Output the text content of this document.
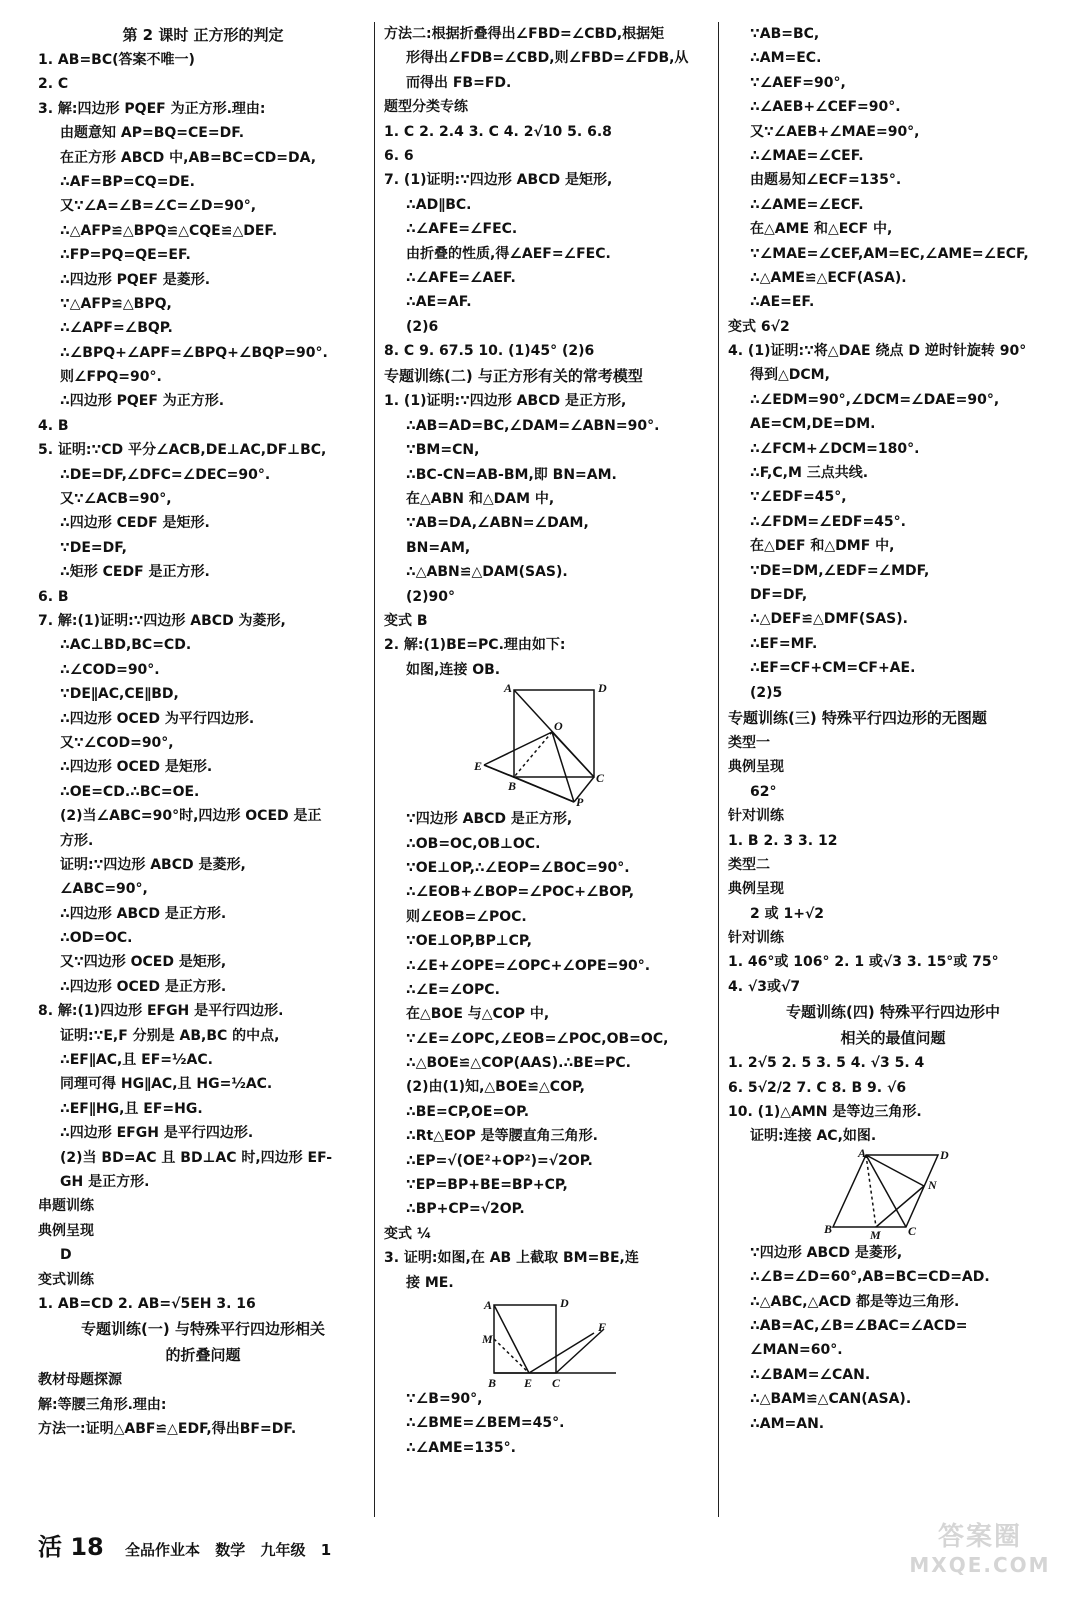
第 2 课时 正方形的判定
1. AB=BC(答案不唯一)
2. C
3. 解:四边形 PQEF 为正方形.理由:
由题意知 AP=BQ=CE=DF.
在正方形 ABCD 中,AB=BC=CD=DA,
∴AF=BP=CQ=DE.
又∵∠A=∠B=∠C=∠D=90°,
∴△AFP≌△BPQ≌△CQE≌△DEF.
∴FP=PQ=QE=EF.
∴四边形 PQEF 是菱形.
∵△AFP≌△BPQ,
∴∠APF=∠BQP.
∴∠BPQ+∠APF=∠BPQ+∠BQP=90°.
则∠FPQ=90°.
∴四边形 PQEF 为正方形.
4. B
5. 证明:∵CD 平分∠ACB,DE⊥AC,DF⊥BC,
∴DE=DF,∠DFC=∠DEC=90°.
又∵∠ACB=90°,
∴四边形 CEDF 是矩形.
∵DE=DF,
∴矩形 CEDF 是正方形.
6. B
7. 解:(1)证明:∵四边形 ABCD 为菱形,
∴AC⊥BD,BC=CD.
∴∠COD=90°.
∵DE∥AC,CE∥BD,
∴四边形 OCED 为平行四边形.
又∵∠COD=90°,
∴四边形 OCED 是矩形.
∴OE=CD.∴BC=OE.
(2)当∠ABC=90°时,四边形 OCED 是正
方形.
证明:∵四边形 ABCD 是菱形,
∠ABC=90°,
∴四边形 ABCD 是正方形.
∴OD=OC.
又∵四边形 OCED 是矩形,
∴四边形 OCED 是正方形.
8. 解:(1)四边形 EFGH 是平行四边形.
证明:∵E,F 分别是 AB,BC 的中点,
∴EF∥AC,且 EF=½AC.
同理可得 HG∥AC,且 HG=½AC.
∴EF∥HG,且 EF=HG.
∴四边形 EFGH 是平行四边形.
(2)当 BD=AC 且 BD⊥AC 时,四边形 EF-
GH 是正方形.
串题训练
典例呈现
D
变式训练
1. AB=CD 2. AB=√5EH 3. 16
专题训练(一) 与特殊平行四边形相关
的折叠问题
教材母题探源
解:等腰三角形.理由:
方法一:证明△ABF≌△EDF,得出BF=DF.
方法二:根据折叠得出∠FBD=∠CBD,根据矩
形得出∠FDB=∠CBD,则∠FBD=∠FDB,从
而得出 FB=FD.
题型分类专练
1. C 2. 2.4 3. C 4. 2√10 5. 6.8
6. 6
7. (1)证明:∵四边形 ABCD 是矩形,
∴AD∥BC.
∴∠AFE=∠FEC.
由折叠的性质,得∠AEF=∠FEC.
∴∠AFE=∠AEF.
∴AE=AF.
(2)6
8. C 9. 67.5 10. (1)45° (2)6
专题训练(二) 与正方形有关的常考模型
1. (1)证明:∵四边形 ABCD 是正方形,
∴AB=AD=BC,∠DAM=∠ABN=90°.
∵BM=CN,
∴BC-CN=AB-BM,即 BN=AM.
在△ABN 和△DAM 中,
∵AB=DA,∠ABN=∠DAM,
BN=AM,
∴△ABN≌△DAM(SAS).
(2)90°
变式 B
2. 解:(1)BE=PC.理由如下:
如图,连接 OB.
A	D
O
E
B
C
P
∵四边形 ABCD 是正方形,
∴OB=OC,OB⊥OC.
∵OE⊥OP,∴∠EOP=∠BOC=90°.
∴∠EOB+∠BOP=∠POC+∠BOP,
则∠EOB=∠POC.
∵OE⊥OP,BP⊥CP,
∴∠E+∠OPE=∠OPC+∠OPE=90°.
∴∠E=∠OPC.
在△BOE 与△COP 中,
∵∠E=∠OPC,∠EOB=∠POC,OB=OC,
∴△BOE≌△COP(AAS).∴BE=PC.
(2)由(1)知,△BOE≌△COP,
∴BE=CP,OE=OP.
∴Rt△EOP 是等腰直角三角形.
∴EP=√(OE²+OP²)=√2OP.
∵EP=BP+BE=BP+CP,
∴BP+CP=√2OP.
变式 ¼
3. 证明:如图,在 AB 上截取 BM=BE,连
接 ME.
A	D
M
F
B E C
∵∠B=90°,
∴∠BME=∠BEM=45°.
∴∠AME=135°.
∵AB=BC,
∴AM=EC.
∵∠AEF=90°,
∴∠AEB+∠CEF=90°.
又∵∠AEB+∠MAE=90°,
∴∠MAE=∠CEF.
由题易知∠ECF=135°.
∴∠AME=∠ECF.
在△AME 和△ECF 中,
∵∠MAE=∠CEF,AM=EC,∠AME=∠ECF,
∴△AME≌△ECF(ASA).
∴AE=EF.
变式 6√2
4. (1)证明:∵将△DAE 绕点 D 逆时针旋转 90°
得到△DCM,
∴∠EDM=90°,∠DCM=∠DAE=90°,
AE=CM,DE=DM.
∴∠FCM+∠DCM=180°.
∴F,C,M 三点共线.
∵∠EDF=45°,
∴∠FDM=∠EDF=45°.
在△DEF 和△DMF 中,
∵DE=DM,∠EDF=∠MDF,
DF=DF,
∴△DEF≌△DMF(SAS).
∴EF=MF.
∴EF=CF+CM=CF+AE.
(2)5
专题训练(三) 特殊平行四边形的无图题
类型一
典例呈现
62°
针对训练
1. B 2. 3 3. 12
类型二
典例呈现
2 或 1+√2
针对训练
1. 46°或 106° 2. 1 或√3 3. 15°或 75°
4. √3或√7
专题训练(四) 特殊平行四边形中
相关的最值问题
1. 2√5 2. 5 3. 5 4. √3 5. 4
6. 5√2/2 7. C 8. B 9. √6
10. (1)△AMN 是等边三角形.
证明:连接 AC,如图.
A	D
N
B	M C
∵四边形 ABCD 是菱形,
∴∠B=∠D=60°,AB=BC=CD=AD.
∴△ABC,△ACD 都是等边三角形.
∴AB=AC,∠B=∠BAC=∠ACD=
∠MAN=60°.
∴∠BAM=∠CAN.
∴△BAM≌△CAN(ASA).
∴AM=AN.
活 18 全品作业本 数学 九年级 1	答案圈
MXQE.COM
